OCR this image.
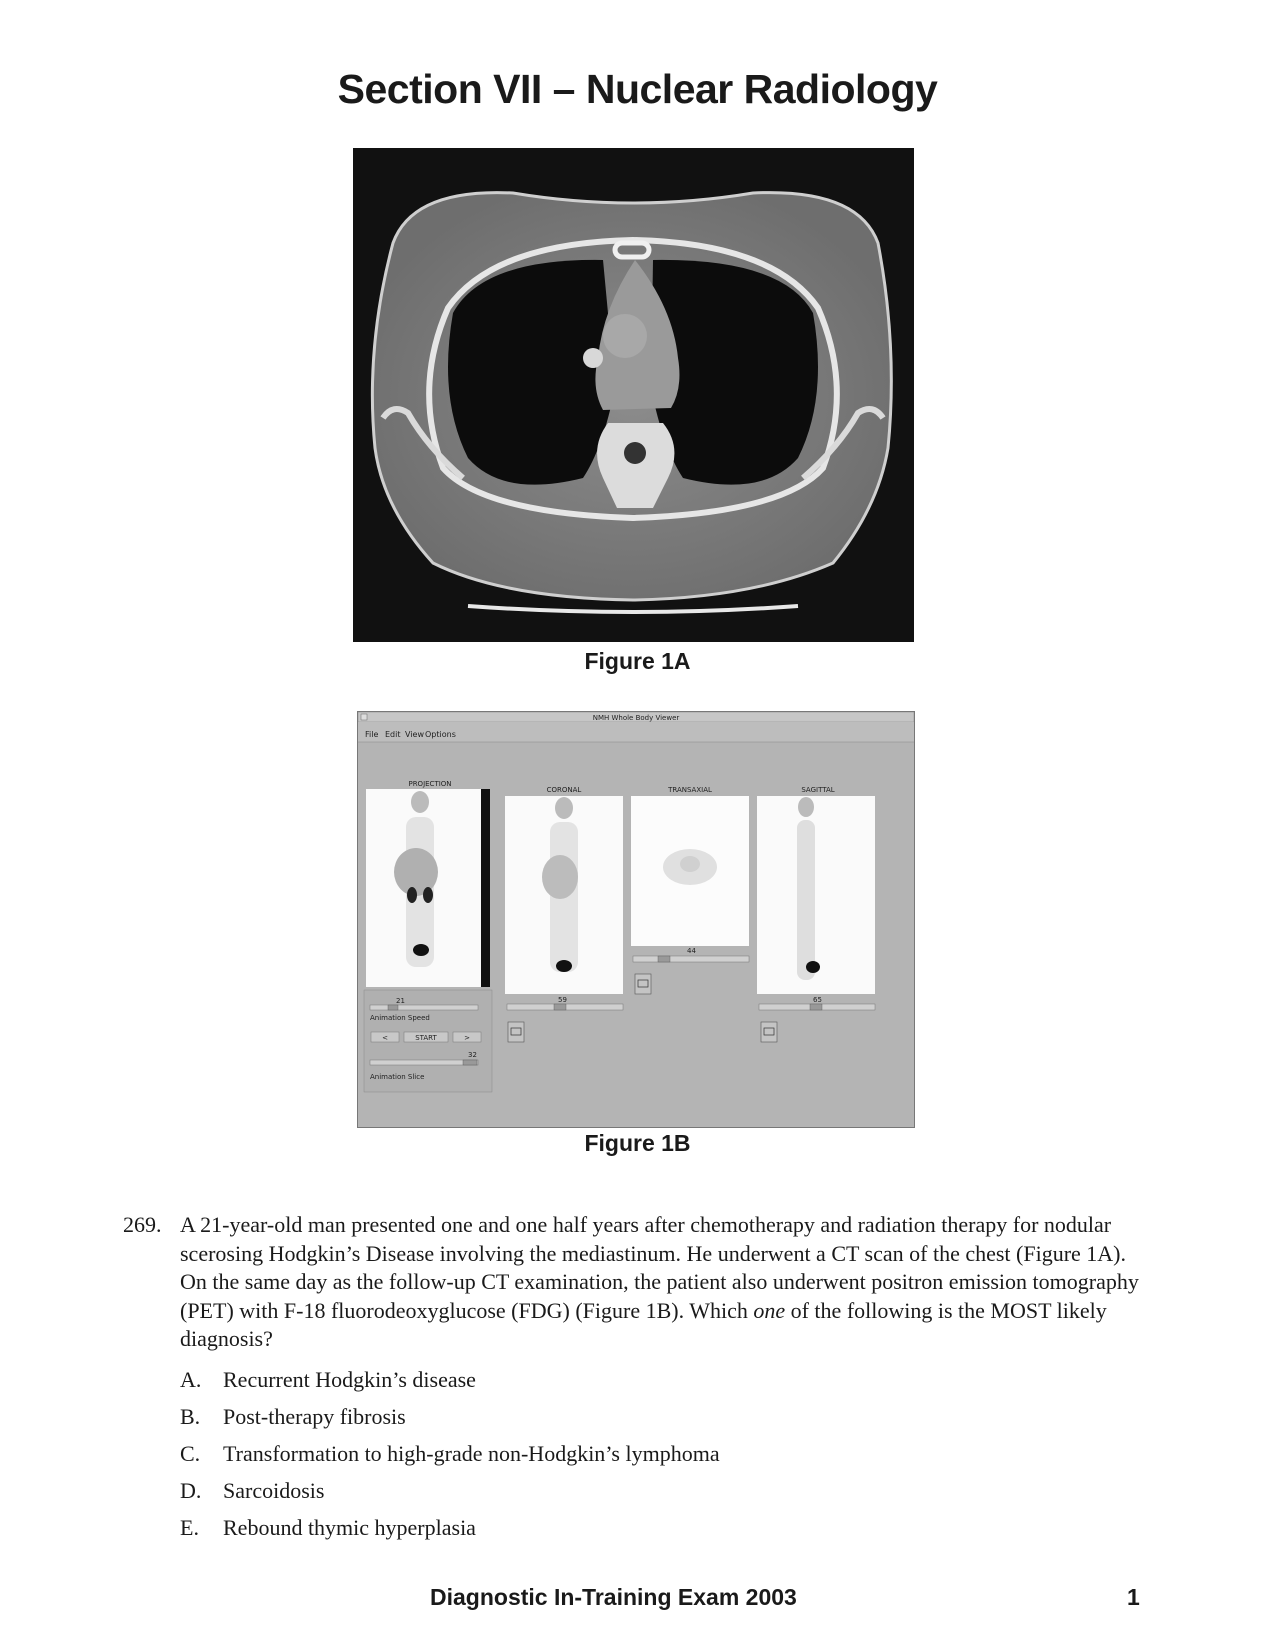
Section VII – Nuclear Radiology
Figure 1A
NMH Whole Body Viewer
File Edit View Options
PROJECTION
CORONAL	TRANSAXIAL	SAGITTAL
21
Animation Speed
<	START	>
32
Animation Slice
59
44
65
Figure 1B
269. A 21-year-old man presented one and one half years after chemotherapy and radiation therapy for nodular scerosing Hodgkin’s Disease involving the mediastinum. He underwent a CT scan of the chest (Figure 1A). On the same day as the follow-up CT examination, the patient also underwent positron emission tomography (PET) with F-18 fluorodeoxyglucose (FDG) (Figure 1B). Which one of the following is the MOST likely diagnosis?
A. Recurrent Hodgkin’s disease
B. Post-therapy fibrosis
C. Transformation to high-grade non-Hodgkin’s lymphoma
D. Sarcoidosis
E. Rebound thymic hyperplasia
Diagnostic In-Training Exam 2003	1
